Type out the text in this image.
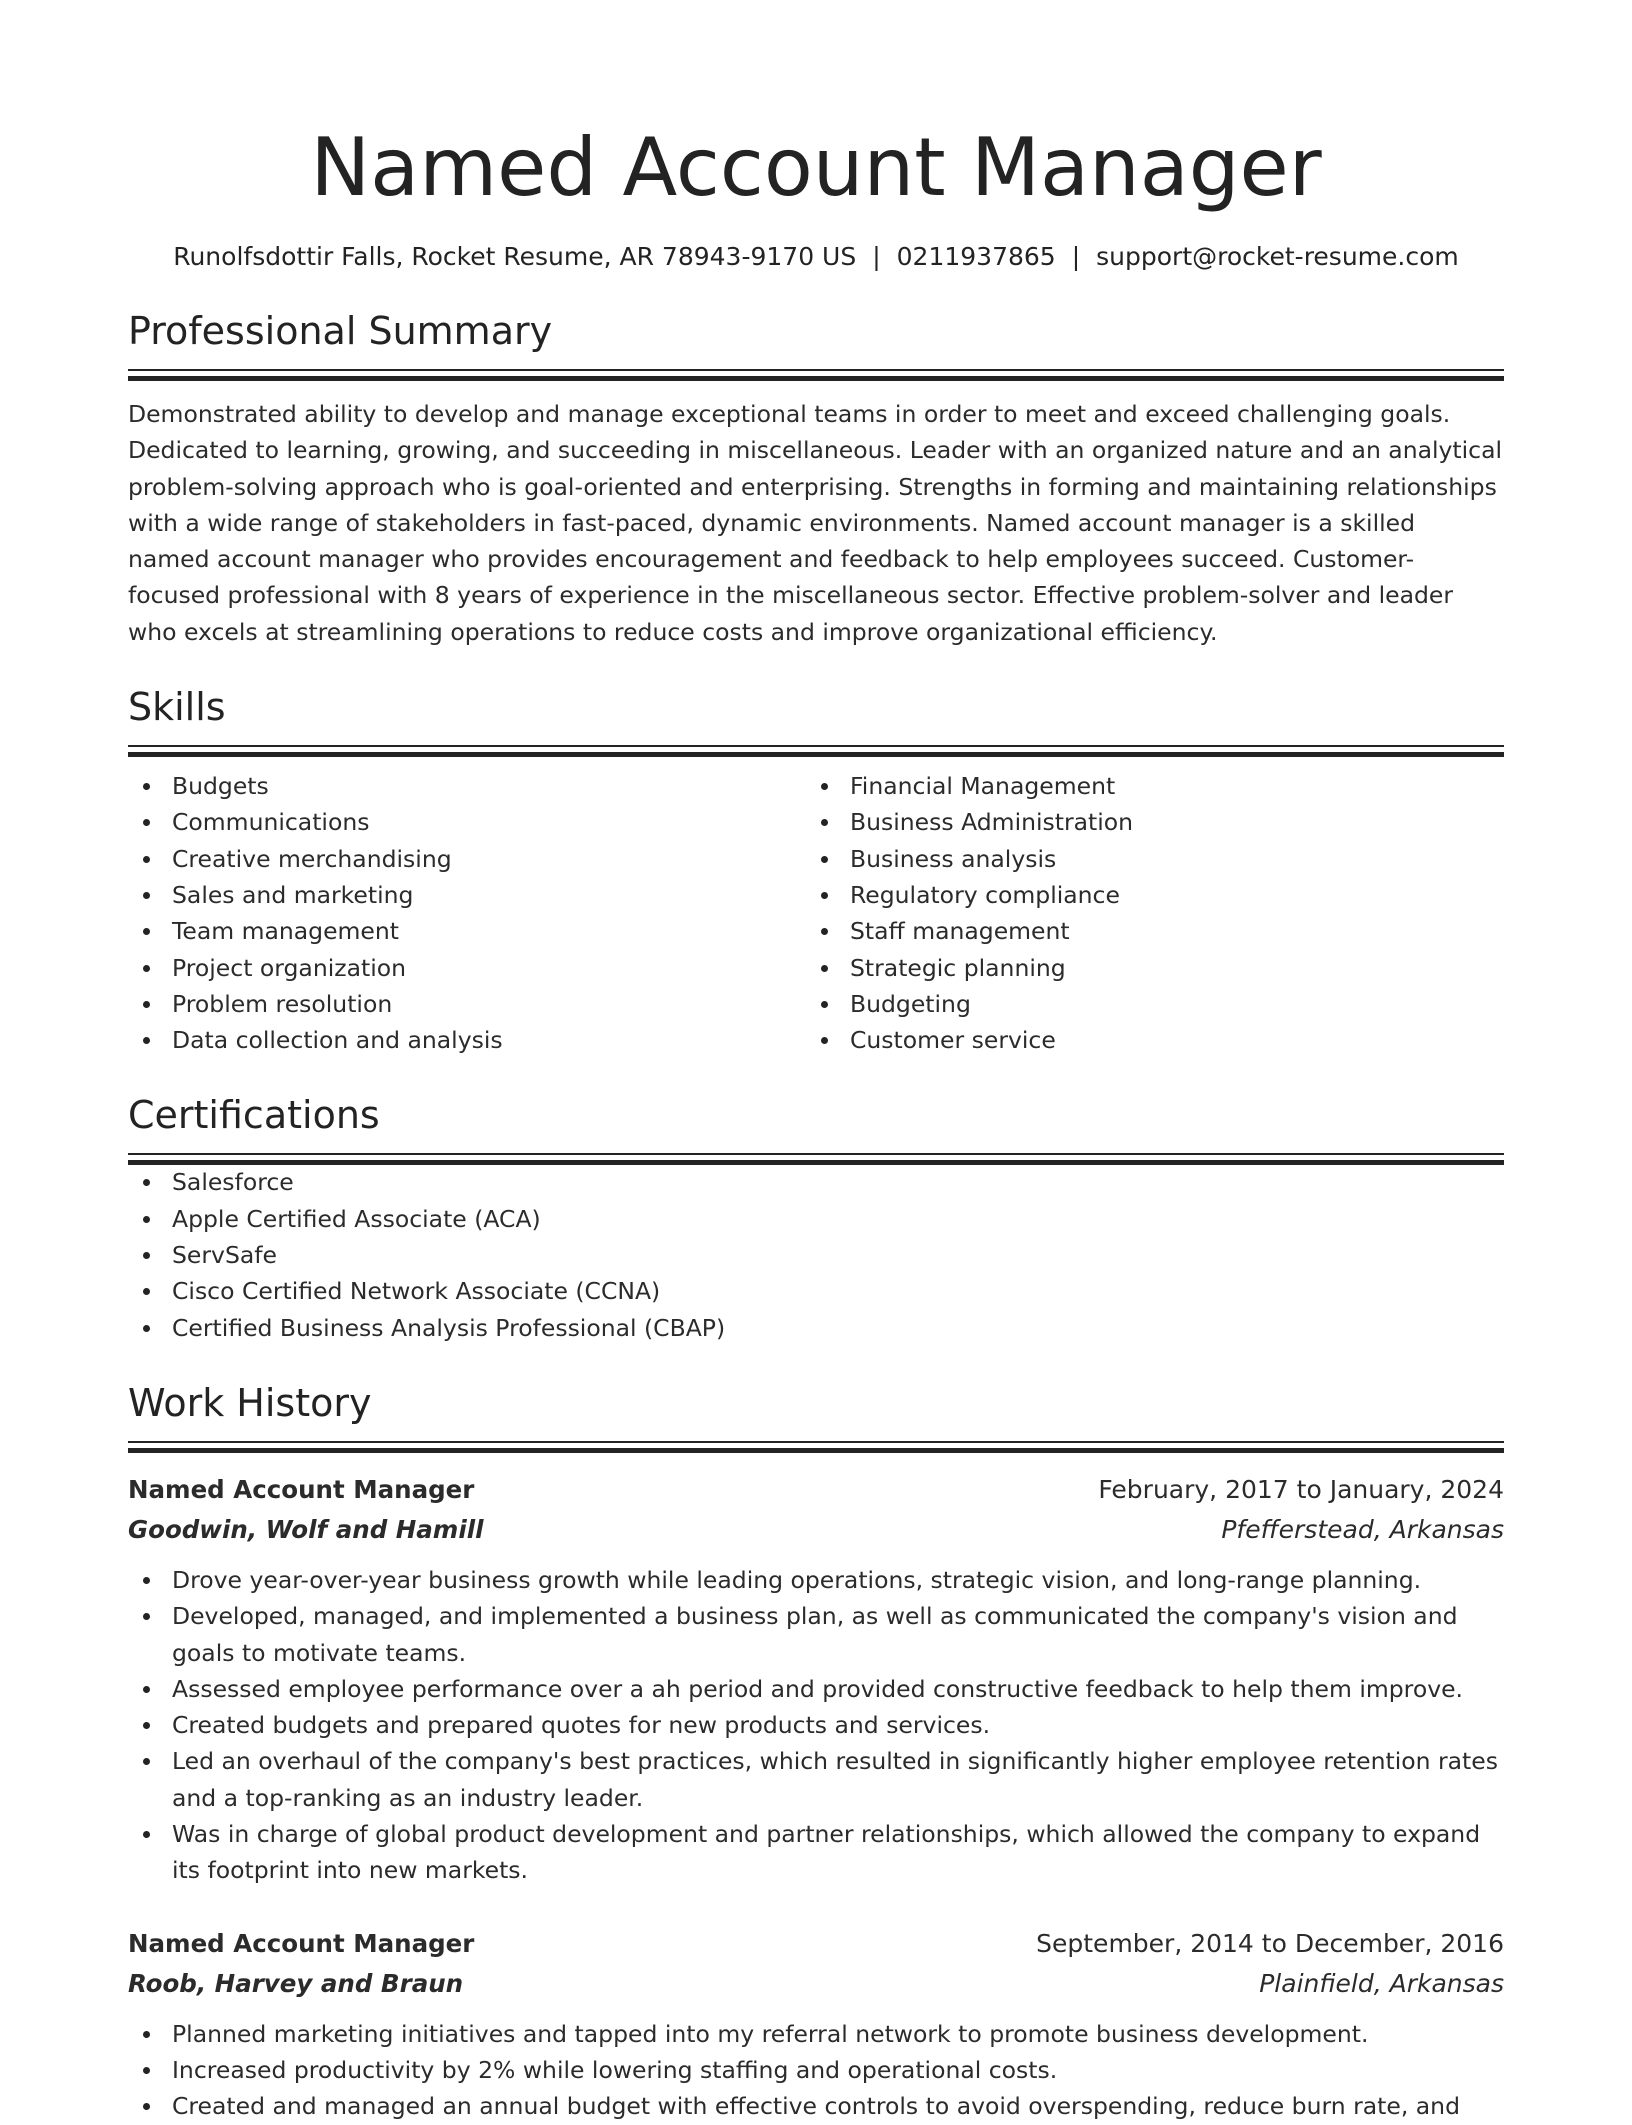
Named Account Manager
Runolfsdottir Falls, Rocket Resume, AR 78943-9170 US | 0211937865 | support@rocket-resume.com
Professional Summary
Demonstrated ability to develop and manage exceptional teams in order to meet and exceed challenging goals. Dedicated to learning, growing, and succeeding in miscellaneous. Leader with an organized nature and an analytical problem-solving approach who is goal-oriented and enterprising. Strengths in forming and maintaining relationships with a wide range of stakeholders in fast-paced, dynamic environments. Named account manager is a skilled named account manager who provides encouragement and feedback to help employees succeed. Customer-focused professional with 8 years of experience in the miscellaneous sector. Effective problem-solver and leader who excels at streamlining operations to reduce costs and improve organizational efficiency.
Skills
Budgets
Communications
Creative merchandising
Sales and marketing
Team management
Project organization
Problem resolution
Data collection and analysis
Financial Management
Business Administration
Business analysis
Regulatory compliance
Staff management
Strategic planning
Budgeting
Customer service
Certifications
Salesforce
Apple Certified Associate (ACA)
ServSafe
Cisco Certified Network Associate (CCNA)
Certified Business Analysis Professional (CBAP)
Work History
Named Account Manager	February, 2017 to January, 2024
Goodwin, Wolf and Hamill	Pfefferstead, Arkansas
Drove year-over-year business growth while leading operations, strategic vision, and long-range planning.
Developed, managed, and implemented a business plan, as well as communicated the company's vision and goals to motivate teams.
Assessed employee performance over a ah period and provided constructive feedback to help them improve.
Created budgets and prepared quotes for new products and services.
Led an overhaul of the company's best practices, which resulted in significantly higher employee retention rates and a top-ranking as an industry leader.
Was in charge of global product development and partner relationships, which allowed the company to expand its footprint into new markets.
Named Account Manager	September, 2014 to December, 2016
Roob, Harvey and Braun	Plainfield, Arkansas
Planned marketing initiatives and tapped into my referral network to promote business development.
Increased productivity by 2% while lowering staffing and operational costs.
Created and managed an annual budget with effective controls to avoid overspending, reduce burn rate, and
